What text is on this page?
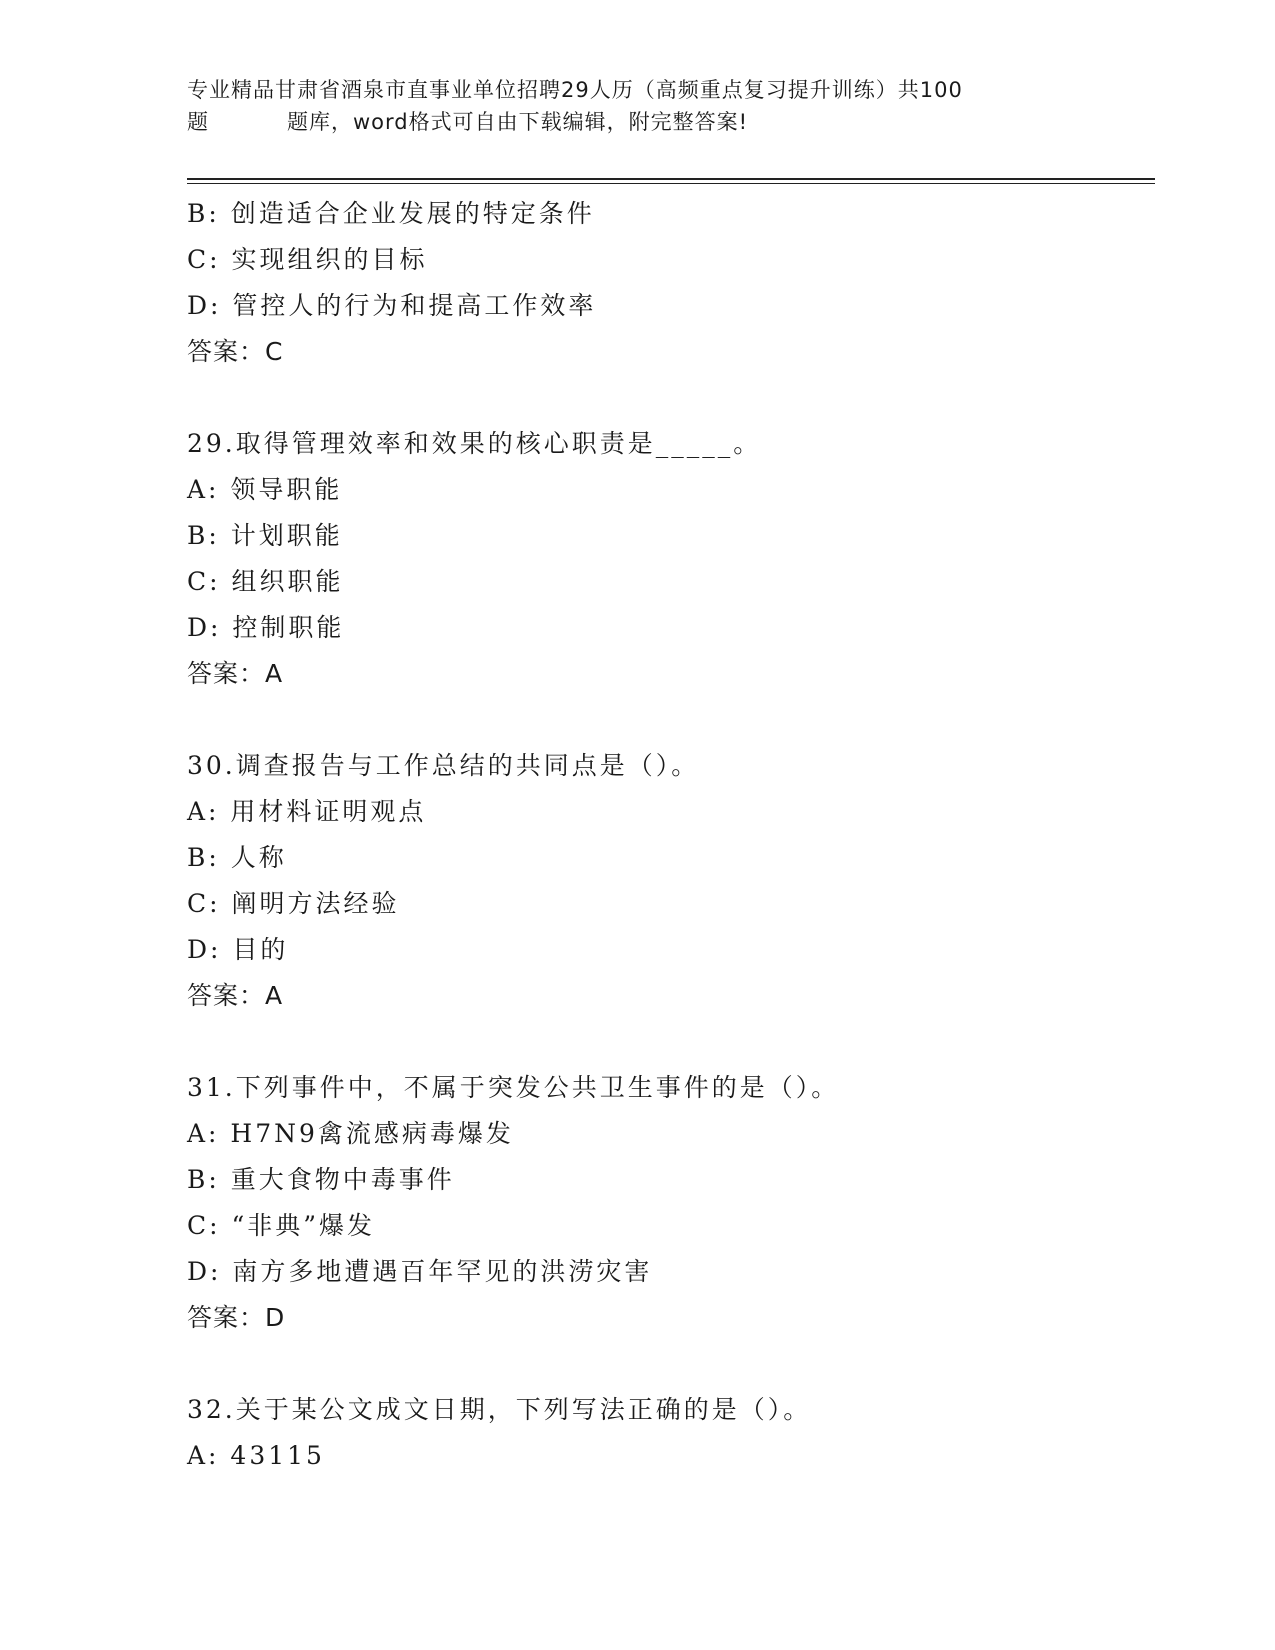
专业精品甘肃省酒泉市直事业单位招聘29人历（高频重点复习提升训练）共100
题	题库，word格式可自由下载编辑，附完整答案!
B: 创造适合企业发展的特定条件
C: 实现组织的目标
D: 管控人的行为和提高工作效率
答案：C
29.取得管理效率和效果的核心职责是_____。
A: 领导职能
B: 计划职能
C: 组织职能
D: 控制职能
答案：A
30.调查报告与工作总结的共同点是（）。
A: 用材料证明观点
B: 人称
C: 阐明方法经验
D: 目的
答案：A
31.下列事件中，不属于突发公共卫生事件的是（）。
A: H7N9禽流感病毒爆发
B: 重大食物中毒事件
C: “非典”爆发
D: 南方多地遭遇百年罕见的洪涝灾害
答案：D
32.关于某公文成文日期，下列写法正确的是（）。
A: 43115
